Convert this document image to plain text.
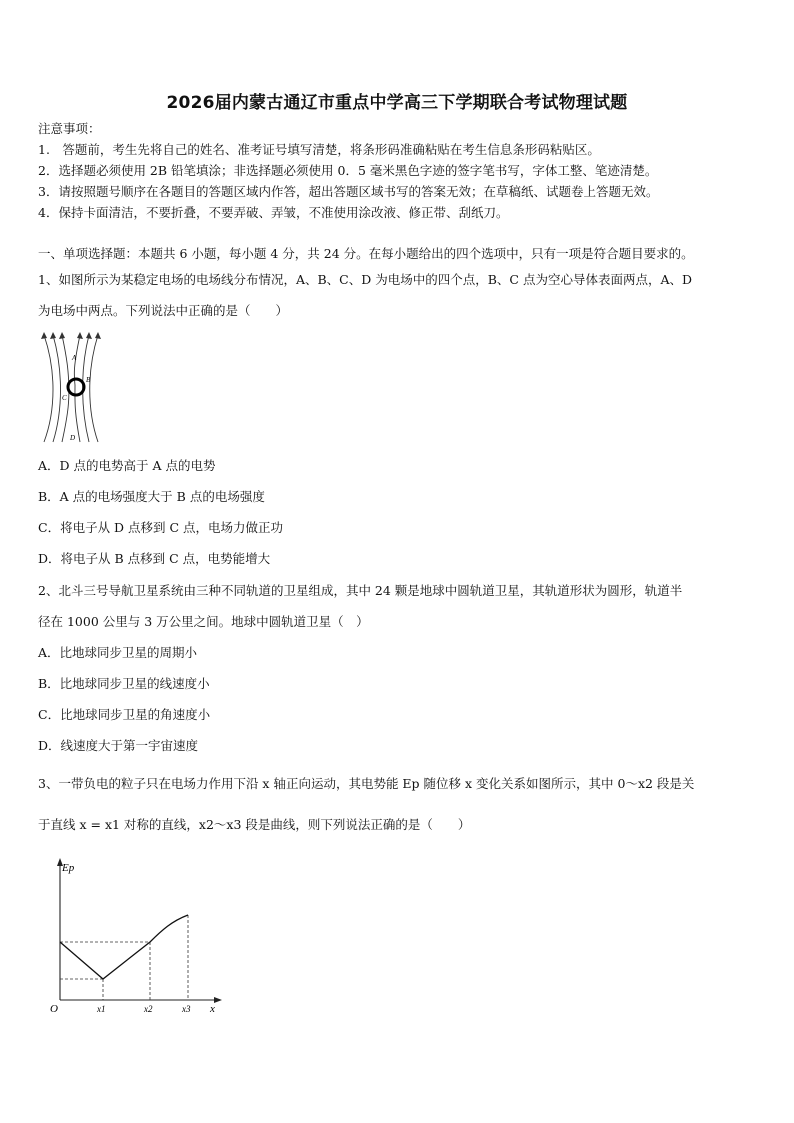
2026届内蒙古通辽市重点中学高三下学期联合考试物理试题
注意事项：
1.　答题前，考生先将自己的姓名、准考证号填写清楚，将条形码准确粘贴在考生信息条形码粘贴区。
2．选择题必须使用 2B 铅笔填涂；非选择题必须使用 0．5 毫米黑色字迹的签字笔书写，字体工整、笔迹清楚。
3．请按照题号顺序在各题目的答题区域内作答，超出答题区域书写的答案无效；在草稿纸、试题卷上答题无效。
4．保持卡面清洁，不要折叠，不要弄破、弄皱，不准使用涂改液、修正带、刮纸刀。
一、单项选择题：本题共 6 小题，每小题 4 分，共 24 分。在每小题给出的四个选项中，只有一项是符合题目要求的。
1、如图所示为某稳定电场的电场线分布情况，A、B、C、D 为电场中的四个点，B、C 点为空心导体表面两点，A、D
为电场中两点。下列说法中正确的是（　　）
A
B
C
D
A．D 点的电势高于 A 点的电势
B．A 点的电场强度大于 B 点的电场强度
C．将电子从 D 点移到 C 点，电场力做正功
D．将电子从 B 点移到 C 点，电势能增大
2、北斗三号导航卫星系统由三种不同轨道的卫星组成，其中 24 颗是地球中圆轨道卫星，其轨道形状为圆形，轨道半
径在 1000 公里与 3 万公里之间。地球中圆轨道卫星（　）
A．比地球同步卫星的周期小
B．比地球同步卫星的线速度小
C．比地球同步卫星的角速度小
D．线速度大于第一宇宙速度
3、一带负电的粒子只在电场力作用下沿 x 轴正向运动，其电势能 Ep 随位移 x 变化关系如图所示，其中 0～x2 段是关
于直线 x = x1 对称的直线，x2～x3 段是曲线，则下列说法正确的是（　　）
Ep
O	x1	x2	x3 x
